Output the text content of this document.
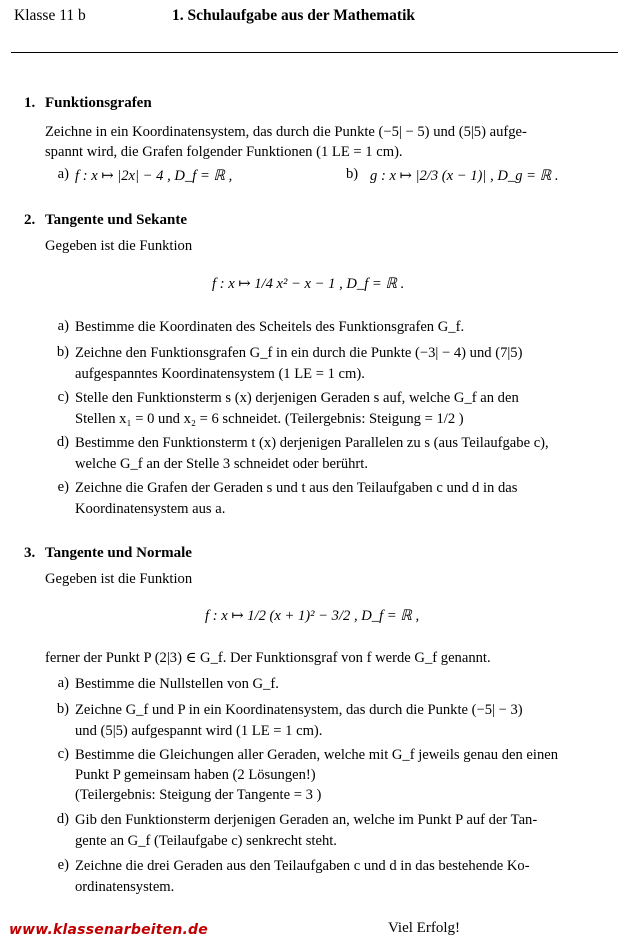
Klasse 11 b	1. Schulaufgabe aus der Mathematik
1. Funktionsgrafen
Zeichne in ein Koordinatensystem, das durch die Punkte (−5| − 5) und (5|5) aufge-
spannt wird, die Grafen folgender Funktionen (1 LE = 1 cm).
a) f : x ↦ |2x| − 4 , D_f = ℝ ,	b) g : x ↦ |2/3 (x − 1)| , D_g = ℝ .
2. Tangente und Sekante
Gegeben ist die Funktion
f : x ↦ 1/4 x² − x − 1 , D_f = ℝ .
a) Bestimme die Koordinaten des Scheitels des Funktionsgrafen G_f.
b) Zeichne den Funktionsgrafen G_f in ein durch die Punkte (−3| − 4) und (7|5)
aufgespanntes Koordinatensystem (1 LE = 1 cm).
c) Stelle den Funktionsterm s (x) derjenigen Geraden s auf, welche G_f an den
Stellen x₁ = 0 und x₂ = 6 schneidet. (Teilergebnis: Steigung = 1/2 )
d) Bestimme den Funktionsterm t (x) derjenigen Parallelen zu s (aus Teilaufgabe c),
welche G_f an der Stelle 3 schneidet oder berührt.
e) Zeichne die Grafen der Geraden s und t aus den Teilaufgaben c und d in das
Koordinatensystem aus a.
3. Tangente und Normale
Gegeben ist die Funktion
f : x ↦ 1/2 (x + 1)² − 3/2 , D_f = ℝ ,
ferner der Punkt P (2|3) ∈ G_f. Der Funktionsgraf von f werde G_f genannt.
a) Bestimme die Nullstellen von G_f.
b) Zeichne G_f und P in ein Koordinatensystem, das durch die Punkte (−5| − 3)
und (5|5) aufgespannt wird (1 LE = 1 cm).
c) Bestimme die Gleichungen aller Geraden, welche mit G_f jeweils genau den einen
Punkt P gemeinsam haben (2 Lösungen!)
(Teilergebnis: Steigung der Tangente = 3 )
d) Gib den Funktionsterm derjenigen Geraden an, welche im Punkt P auf der Tan-
gente an G_f (Teilaufgabe c) senkrecht steht.
e) Zeichne die drei Geraden aus den Teilaufgaben c und d in das bestehende Ko-
ordinatensystem.
www.klassenarbeiten.de	Viel Erfolg!
